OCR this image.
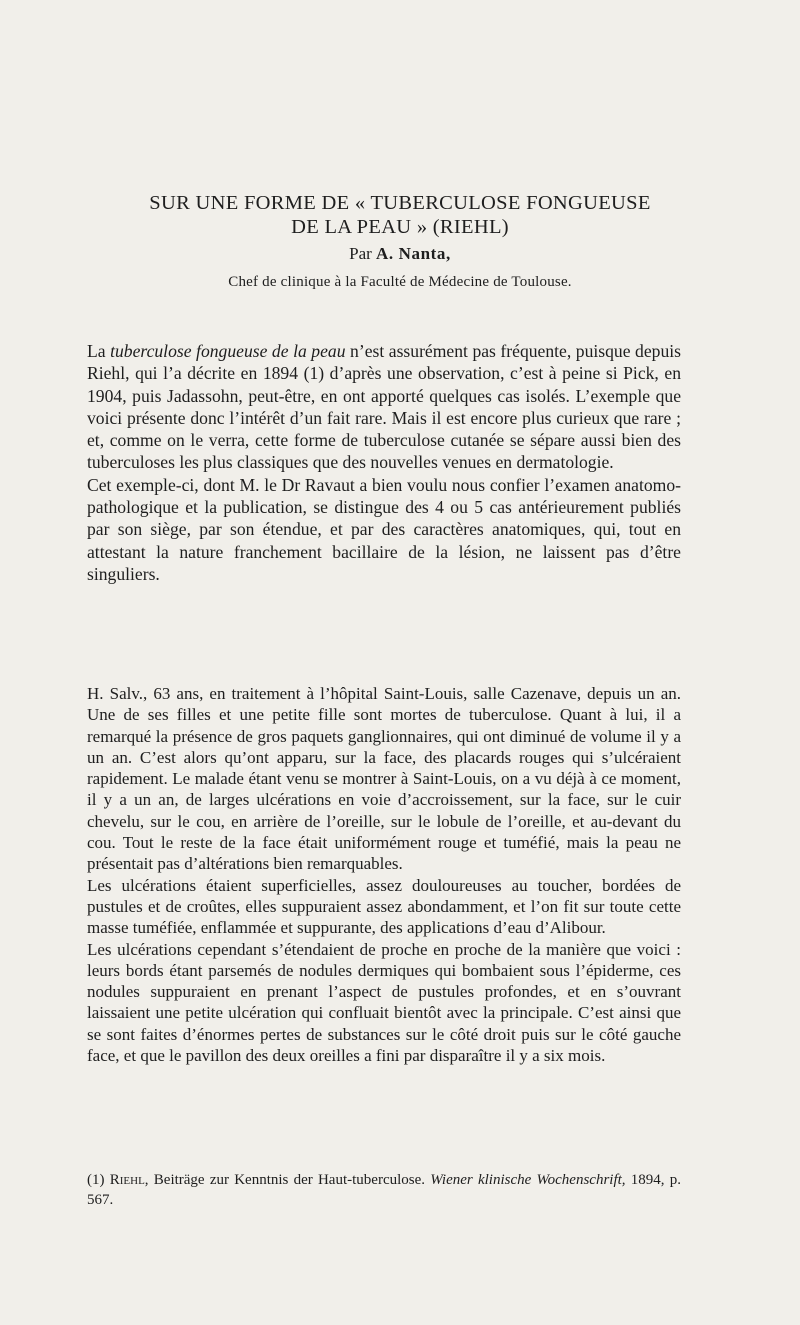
SUR UNE FORME DE « TUBERCULOSE FONGUEUSE
DE LA PEAU » (RIEHL)
Par A. Nanta,
Chef de clinique à la Faculté de Médecine de Toulouse.

La tuberculose fongueuse de la peau n’est assurément pas fréquente, puisque depuis Riehl, qui l’a décrite en 1894 (1) d’après une observation, c’est à peine si Pick, en 1904, puis Jadassohn, peut-être, en ont apporté quelques cas isolés. L’exemple que voici présente donc l’intérêt d’un fait rare. Mais il est encore plus curieux que rare ; et, comme on le verra, cette forme de tuberculose cutanée se sépare aussi bien des tuberculoses les plus classiques que des nouvelles venues en dermatologie.

Cet exemple-ci, dont M. le Dr Ravaut a bien voulu nous confier l’examen anatomo-pathologique et la publication, se distingue des 4 ou 5 cas antérieurement publiés par son siège, par son étendue, et par des caractères anatomiques, qui, tout en attestant la nature franchement bacillaire de la lésion, ne laissent pas d’être singuliers.

H. Salv., 63 ans, en traitement à l’hôpital Saint-Louis, salle Cazenave, depuis un an. Une de ses filles et une petite fille sont mortes de tuberculose. Quant à lui, il a remarqué la présence de gros paquets ganglionnaires, qui ont diminué de volume il y a un an. C’est alors qu’ont apparu, sur la face, des placards rouges qui s’ulcéraient rapidement. Le malade étant venu se montrer à Saint-Louis, on a vu déjà à ce moment, il y a un an, de larges ulcérations en voie d’accroissement, sur la face, sur le cuir chevelu, sur le cou, en arrière de l’oreille, sur le lobule de l’oreille, et au-devant du cou. Tout le reste de la face était uniformément rouge et tuméfié, mais la peau ne présentait pas d’altérations bien remarquables.

Les ulcérations étaient superficielles, assez douloureuses au toucher, bordées de pustules et de croûtes, elles suppuraient assez abondamment, et l’on fit sur toute cette masse tuméfiée, enflammée et suppurante, des applications d’eau d’Alibour.

Les ulcérations cependant s’étendaient de proche en proche de la manière que voici : leurs bords étant parsemés de nodules dermiques qui bombaient sous l’épiderme, ces nodules suppuraient en prenant l’aspect de pustules profondes, et en s’ouvrant laissaient une petite ulcération qui confluait bientôt avec la principale. C’est ainsi que se sont faites d’énormes pertes de substances sur le côté droit puis sur le côté gauche face, et que le pavillon des deux oreilles a fini par disparaître il y a six mois.

(1) Riehl, Beiträge zur Kenntnis der Haut-tuberculose. Wiener klinische Wochenschrift, 1894, p. 567.
